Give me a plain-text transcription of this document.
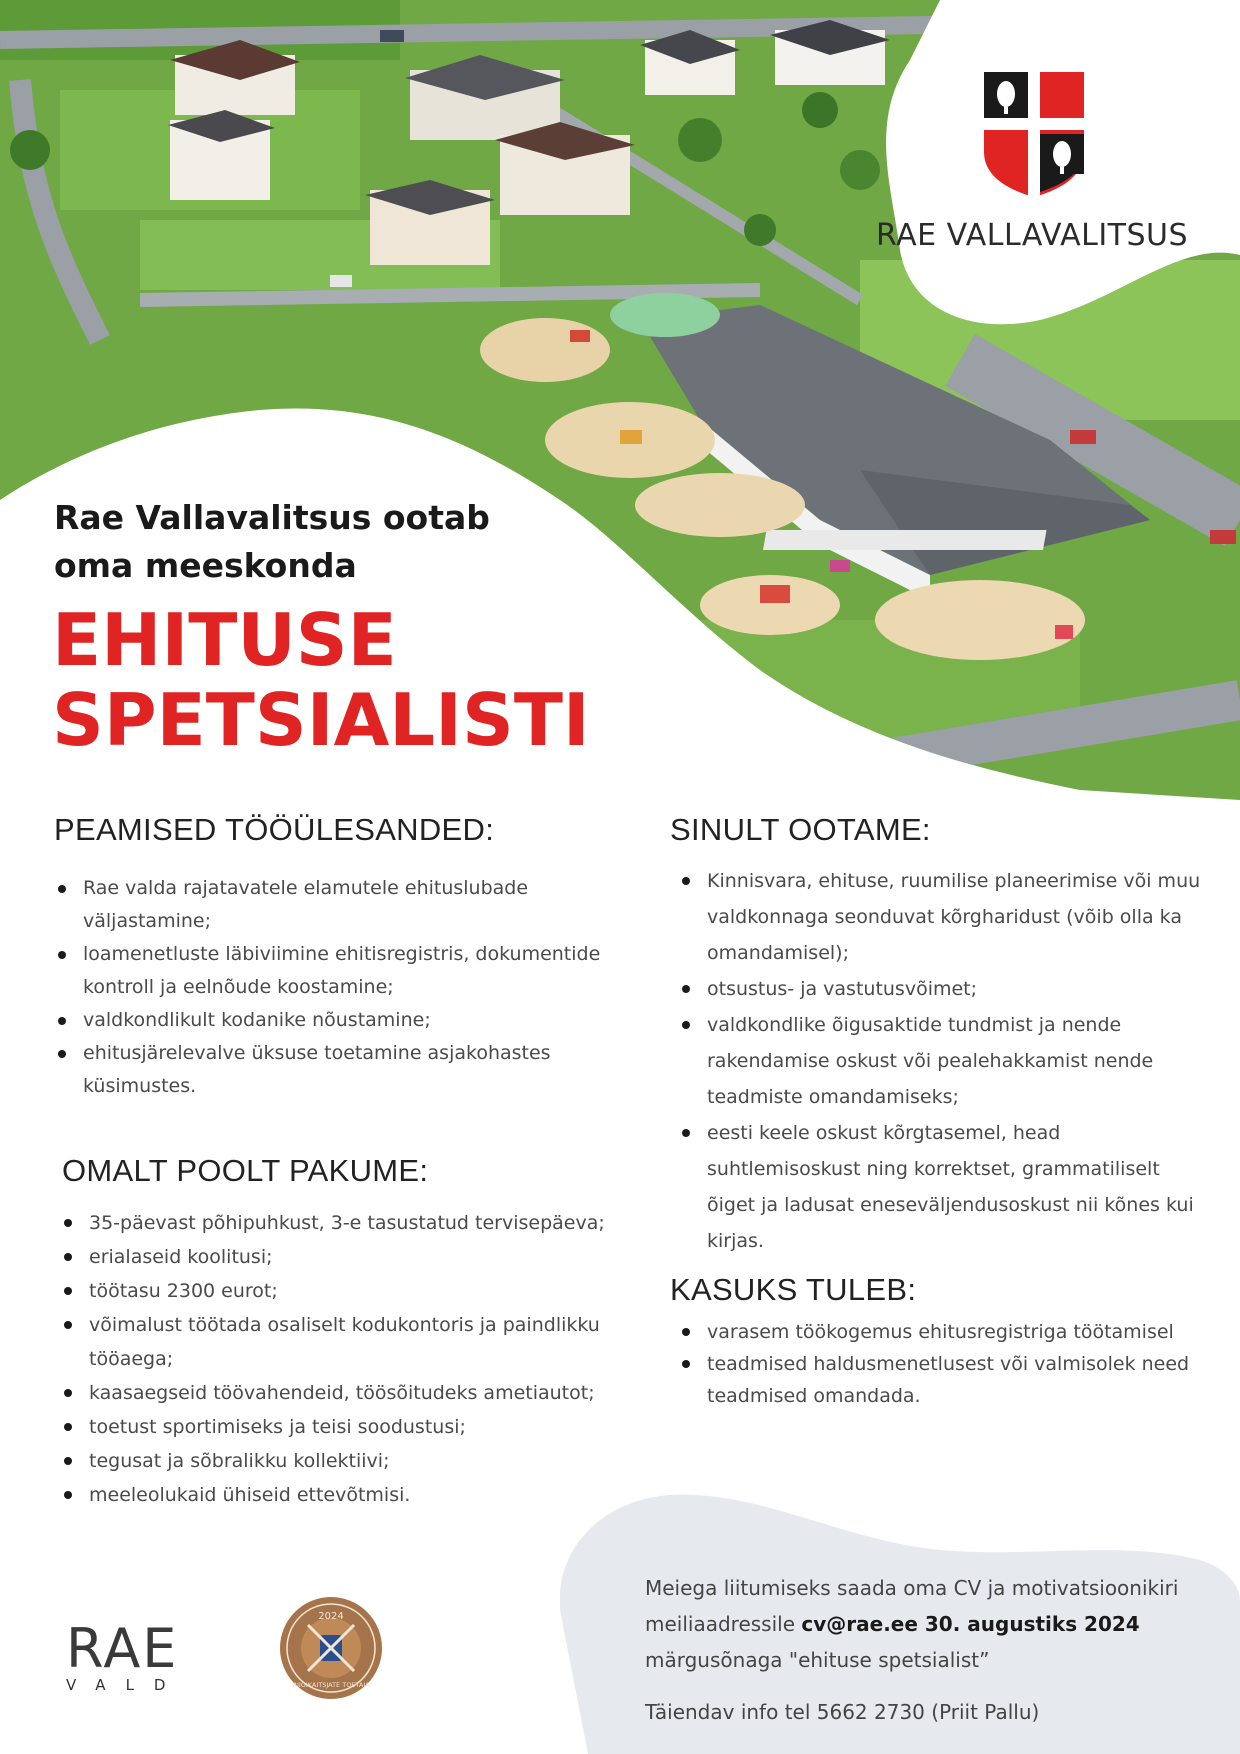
RAE VALLAVALITSUS
Rae Vallavalitsus ootab
oma meeskonda
EHITUSE
SPETSIALISTI
PEAMISED TÖÖÜLESANDED:
Rae valda rajatavatele elamutele ehituslubade väljastamine;
loamenetluste läbiviimine ehitisregistris, dokumentide kontroll ja eelnõude koostamine;
valdkondlikult kodanike nõustamine;
ehitusjärelevalve üksuse toetamine asjakohastes küsimustes.
OMALT POOLT PAKUME:
35-päevast põhipuhkust, 3-e tasustatud tervisepäeva;
erialaseid koolitusi;
töötasu 2300 eurot;
võimalust töötada osaliselt kodukontoris ja paindlikku tööaega;
kaasaegseid töövahendeid, töösõitudeks ametiautot;
toetust sportimiseks ja teisi soodustusi;
tegusat ja sõbralikku kollektiivi;
meeleolukaid ühiseid ettevõtmisi.
SINULT OOTAME:
Kinnisvara, ehituse, ruumilise planeerimise või muu valdkonnaga seonduvat kõrgharidust (võib olla ka omandamisel);
otsustus- ja vastutusvõimet;
valdkondlike õigusaktide tundmist ja nende rakendamise oskust või pealehakkamist nende teadmiste omandamiseks;
eesti keele oskust kõrgtasemel, head suhtlemisoskust ning korrektset, grammatiliselt õiget ja ladusat eneseväljendusoskust nii kõnes kui kirjas.
KASUKS TULEB:
varasem töökogemus ehitusregistriga töötamisel
teadmised haldusmenetlusest või valmisolek need teadmised omandada.
Meiega liitumiseks saada oma CV ja motivatsioonikiri
meiliaadressile cv@rae.ee 30. augustiks 2024
märgusõnaga "ehituse spetsialist”
Täiendav info tel 5662 2730 (Priit Pallu)
RAE
VALD
2024
RIIGIKAITSJATE TOETAJA
